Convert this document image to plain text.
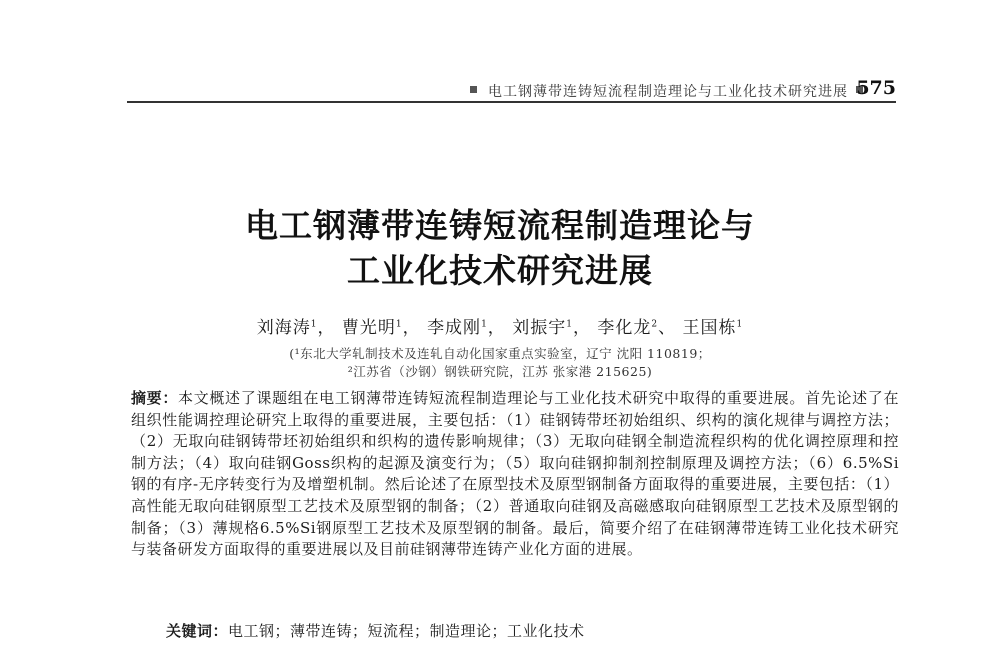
电工钢薄带连铸短流程制造理论与工业化技术研究进展 575
电工钢薄带连铸短流程制造理论与
工业化技术研究进展
刘海涛$^1$， 曹光明$^1$， 李成刚$^1$， 刘振宇$^1$， 李化龙$^2$、 王国栋$^1$
(¹东北大学轧制技术及连轧自动化国家重点实验室，辽宁 沈阳 110819；
²江苏省（沙钢）钢铁研究院，江苏 张家港 215625)
摘要：本文概述了课题组在电工钢薄带连铸短流程制造理论与工业化技术研究中取得的重要进展。首先论述了在组织性能调控理论研究上取得的重要进展，主要包括：（1）硅钢铸带坯初始组织、织构的演化规律与调控方法；（2）无取向硅钢铸带坯初始组织和织构的遗传影响规律；（3）无取向硅钢全制造流程织构的优化调控原理和控制方法；（4）取向硅钢Goss织构的起源及演变行为；（5）取向硅钢抑制剂控制原理及调控方法；（6）6.5%Si钢的有序-无序转变行为及增塑机制。然后论述了在原型技术及原型钢制备方面取得的重要进展，主要包括：（1）高性能无取向硅钢原型工艺技术及原型钢的制备；（2）普通取向硅钢及高磁感取向硅钢原型工艺技术及原型钢的制备；（3）薄规格6.5%Si钢原型工艺技术及原型钢的制备。最后，简要介绍了在硅钢薄带连铸工业化技术研究与装备研发方面取得的重要进展以及目前硅钢薄带连铸产业化方面的进展。
关键词：电工钢；薄带连铸；短流程；制造理论；工业化技术
